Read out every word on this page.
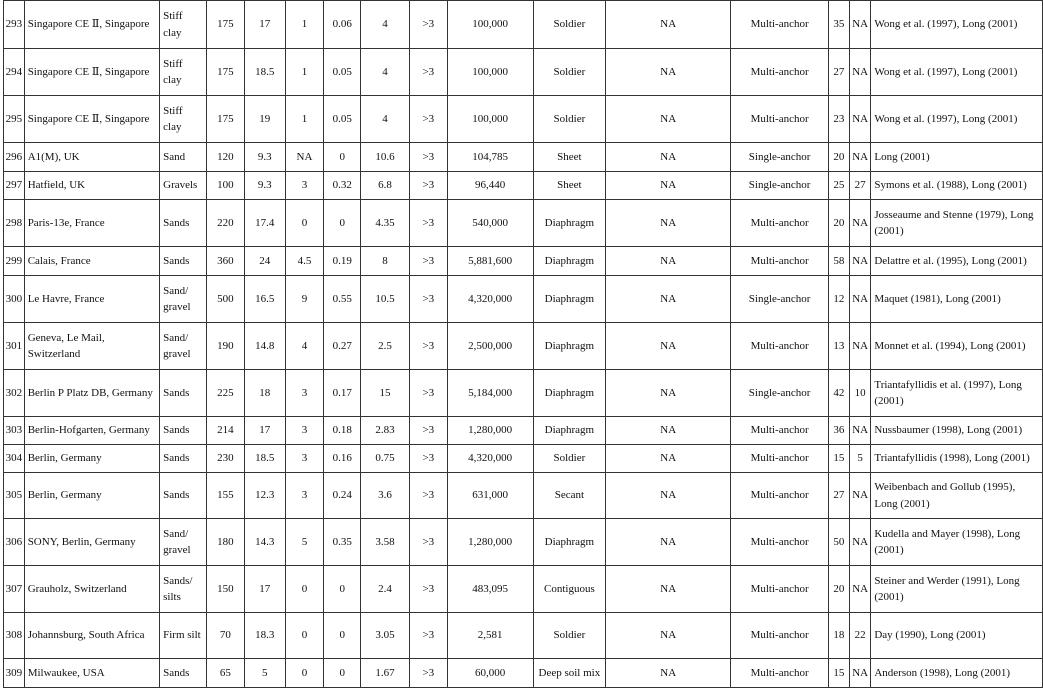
293	Singapore CE Ⅱ, Singapore	Stiff clay	175	17	1	0.06	4	>3	100,000	Soldier	NA	Multi-anchor	35	NA	Wong et al. (1997), Long (2001)
294	Singapore CE Ⅱ, Singapore	Stiff clay	175	18.5	1	0.05	4	>3	100,000	Soldier	NA	Multi-anchor	27	NA	Wong et al. (1997), Long (2001)
295	Singapore CE Ⅱ, Singapore	Stiff clay	175	19	1	0.05	4	>3	100,000	Soldier	NA	Multi-anchor	23	NA	Wong et al. (1997), Long (2001)
296	A1(M), UK	Sand	120	9.3	NA	0	10.6	>3	104,785	Sheet	NA	Single-anchor	20	NA	Long (2001)
297	Hatfield, UK	Gravels	100	9.3	3	0.32	6.8	>3	96,440	Sheet	NA	Single-anchor	25	27	Symons et al. (1988), Long (2001)
298	Paris-13e, France	Sands	220	17.4	0	0	4.35	>3	540,000	Diaphragm	NA	Multi-anchor	20	NA	Josseaume and Stenne (1979), Long (2001)
299	Calais, France	Sands	360	24	4.5	0.19	8	>3	5,881,600	Diaphragm	NA	Multi-anchor	58	NA	Delattre et al. (1995), Long (2001)
300	Le Havre, France	Sand/ gravel	500	16.5	9	0.55	10.5	>3	4,320,000	Diaphragm	NA	Single-anchor	12	NA	Maquet (1981), Long (2001)
301	Geneva, Le Mail, Switzerland	Sand/ gravel	190	14.8	4	0.27	2.5	>3	2,500,000	Diaphragm	NA	Multi-anchor	13	NA	Monnet et al. (1994), Long (2001)
302	Berlin P Platz DB, Germany	Sands	225	18	3	0.17	15	>3	5,184,000	Diaphragm	NA	Single-anchor	42	10	Triantafyllidis et al. (1997), Long (2001)
303	Berlin-Hofgarten, Germany	Sands	214	17	3	0.18	2.83	>3	1,280,000	Diaphragm	NA	Multi-anchor	36	NA	Nussbaumer (1998), Long (2001)
304	Berlin, Germany	Sands	230	18.5	3	0.16	0.75	>3	4,320,000	Soldier	NA	Multi-anchor	15	5	Triantafyllidis (1998), Long (2001)
305	Berlin, Germany	Sands	155	12.3	3	0.24	3.6	>3	631,000	Secant	NA	Multi-anchor	27	NA	Weibenbach and Gollub (1995), Long (2001)
306	SONY, Berlin, Germany	Sand/ gravel	180	14.3	5	0.35	3.58	>3	1,280,000	Diaphragm	NA	Multi-anchor	50	NA	Kudella and Mayer (1998), Long (2001)
307	Grauholz, Switzerland	Sands/ silts	150	17	0	0	2.4	>3	483,095	Contiguous	NA	Multi-anchor	20	NA	Steiner and Werder (1991), Long (2001)
308	Johannsburg, South Africa	Firm silt	70	18.3	0	0	3.05	>3	2,581	Soldier	NA	Multi-anchor	18	22	Day (1990), Long (2001)
309	Milwaukee, USA	Sands	65	5	0	0	1.67	>3	60,000	Deep soil mix	NA	Multi-anchor	15	NA	Anderson (1998), Long (2001)
